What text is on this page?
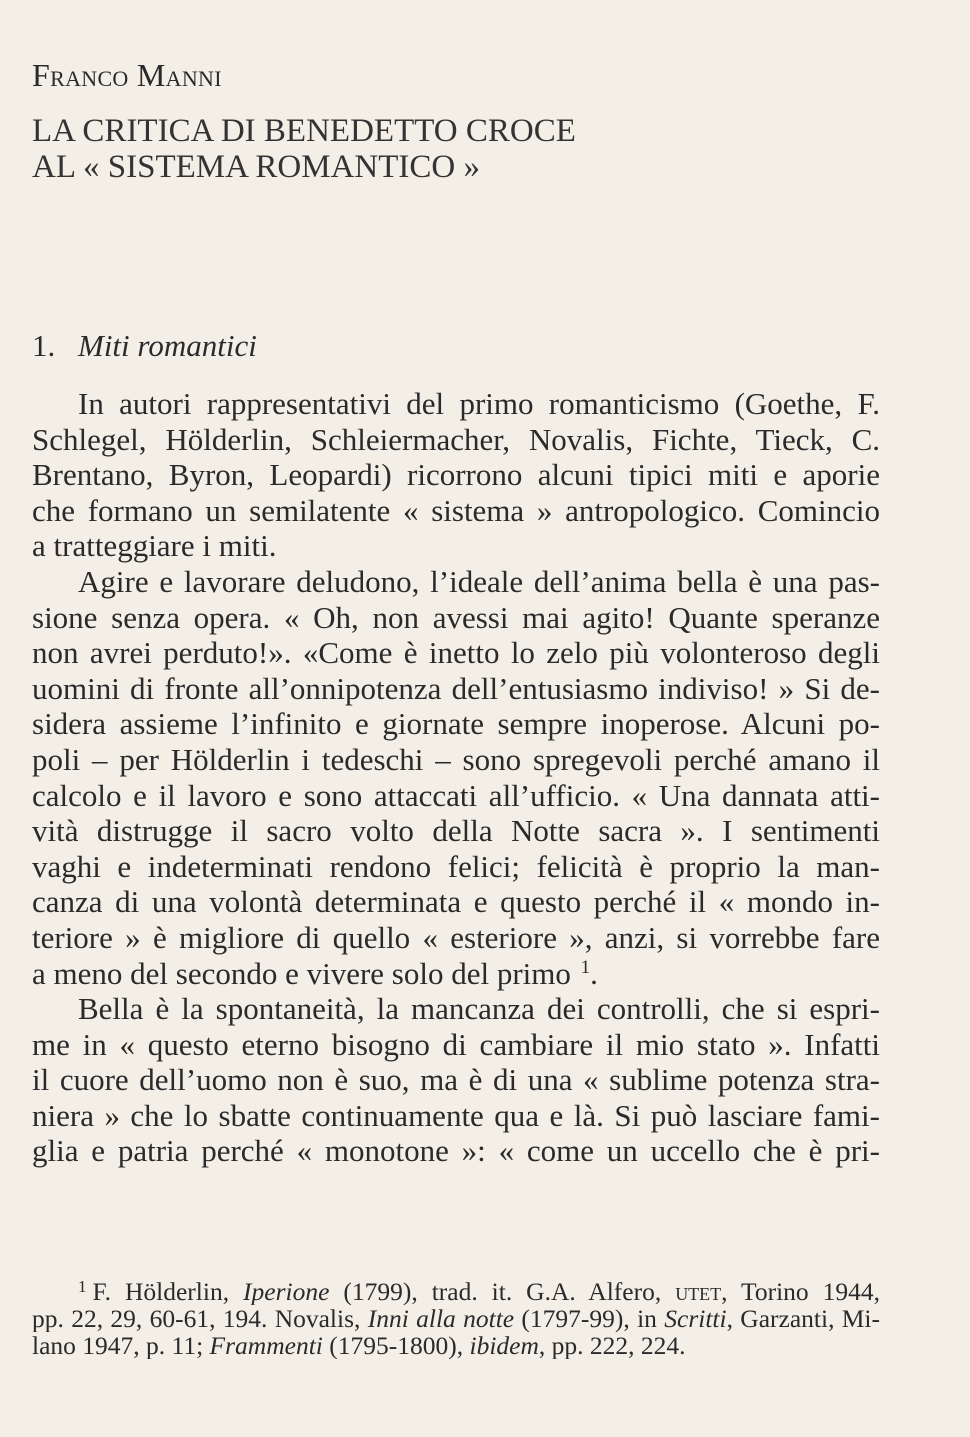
Franco Manni
LA CRITICA DI BENEDETTO CROCE
AL « SISTEMA ROMANTICO »
1. Miti romantici
In autori rappresentativi del primo romanticismo (Goethe, F.
Schlegel, Hölderlin, Schleiermacher, Novalis, Fichte, Tieck, C.
Brentano, Byron, Leopardi) ricorrono alcuni tipici miti e aporie
che formano un semilatente « sistema » antropologico. Comincio
a tratteggiare i miti.
Agire e lavorare deludono, l’ideale dell’anima bella è una pas-
sione senza opera. « Oh, non avessi mai agito! Quante speranze
non avrei perduto!». «Come è inetto lo zelo più volonteroso degli
uomini di fronte all’onnipotenza dell’entusiasmo indiviso! » Si de-
sidera assieme l’infinito e giornate sempre inoperose. Alcuni po-
poli – per Hölderlin i tedeschi – sono spregevoli perché amano il
calcolo e il lavoro e sono attaccati all’ufficio. « Una dannata atti-
vità distrugge il sacro volto della Notte sacra ». I sentimenti
vaghi e indeterminati rendono felici; felicità è proprio la man-
canza di una volontà determinata e questo perché il « mondo in-
teriore » è migliore di quello « esteriore », anzi, si vorrebbe fare
a meno del secondo e vivere solo del primo $^1$.
Bella è la spontaneità, la mancanza dei controlli, che si espri-
me in « questo eterno bisogno di cambiare il mio stato ». Infatti
il cuore dell’uomo non è suo, ma è di una « sublime potenza stra-
niera » che lo sbatte continuamente qua e là. Si può lasciare fami-
glia e patria perché « monotone »: « come un uccello che è pri-
$^1$ F. Hölderlin, Iperione (1799), trad. it. G.A. Alfero, utet, Torino 1944,
pp. 22, 29, 60-61, 194. Novalis, Inni alla notte (1797-99), in Scritti, Garzanti, Mi-
lano 1947, p. 11; Frammenti (1795-1800), ibidem, pp. 222, 224.
